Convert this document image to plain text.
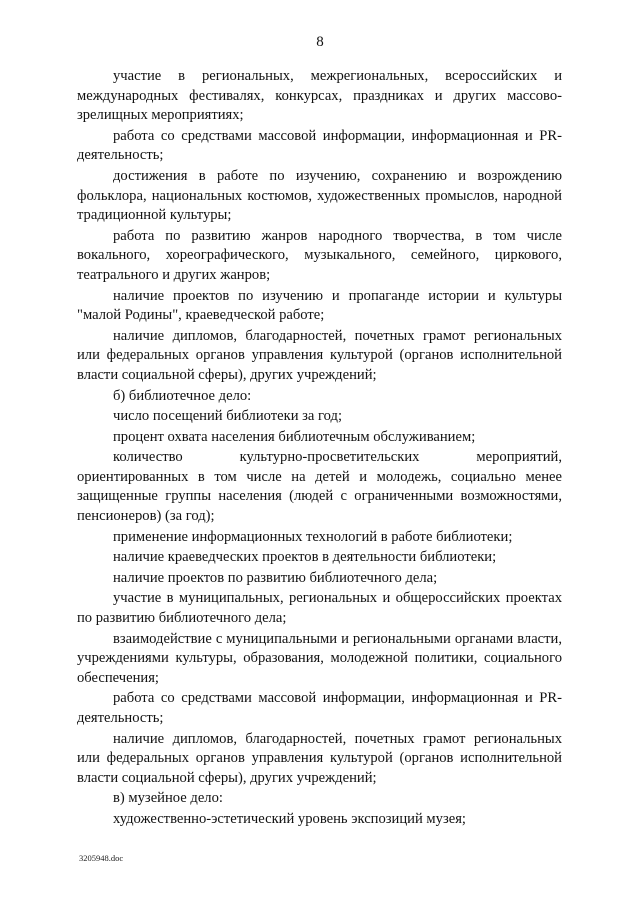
8

участие в региональных, межрегиональных, всероссийских и международных фестивалях, конкурсах, праздниках и других массово-зрелищных мероприятиях;

работа со средствами массовой информации, информационная и PR-деятельность;

достижения в работе по изучению, сохранению и возрождению фольклора, национальных костюмов, художественных промыслов, народной традиционной культуры;

работа по развитию жанров народного творчества, в том числе вокального, хореографического, музыкального, семейного, циркового, театрального и других жанров;

наличие проектов по изучению и пропаганде истории и культуры "малой Родины", краеведческой работе;

наличие дипломов, благодарностей, почетных грамот региональных или федеральных органов управления культурой (органов исполнительной власти социальной сферы), других учреждений;

б) библиотечное дело:

число посещений библиотеки за год;

процент охвата населения библиотечным обслуживанием;

количество культурно-просветительских мероприятий, ориентированных в том числе на детей и молодежь, социально менее защищенные группы населения (людей с ограниченными возможностями, пенсионеров) (за год);

применение информационных технологий в работе библиотеки;

наличие краеведческих проектов в деятельности библиотеки;

наличие проектов по развитию библиотечного дела;

участие в муниципальных, региональных и общероссийских проектах по развитию библиотечного дела;

взаимодействие с муниципальными и региональными органами власти, учреждениями культуры, образования, молодежной политики, социального обеспечения;

работа со средствами массовой информации, информационная и PR-деятельность;

наличие дипломов, благодарностей, почетных грамот региональных или федеральных органов управления культурой (органов исполнительной власти социальной сферы), других учреждений;

в) музейное дело:

художественно-эстетический уровень экспозиций музея;

3205948.doc
